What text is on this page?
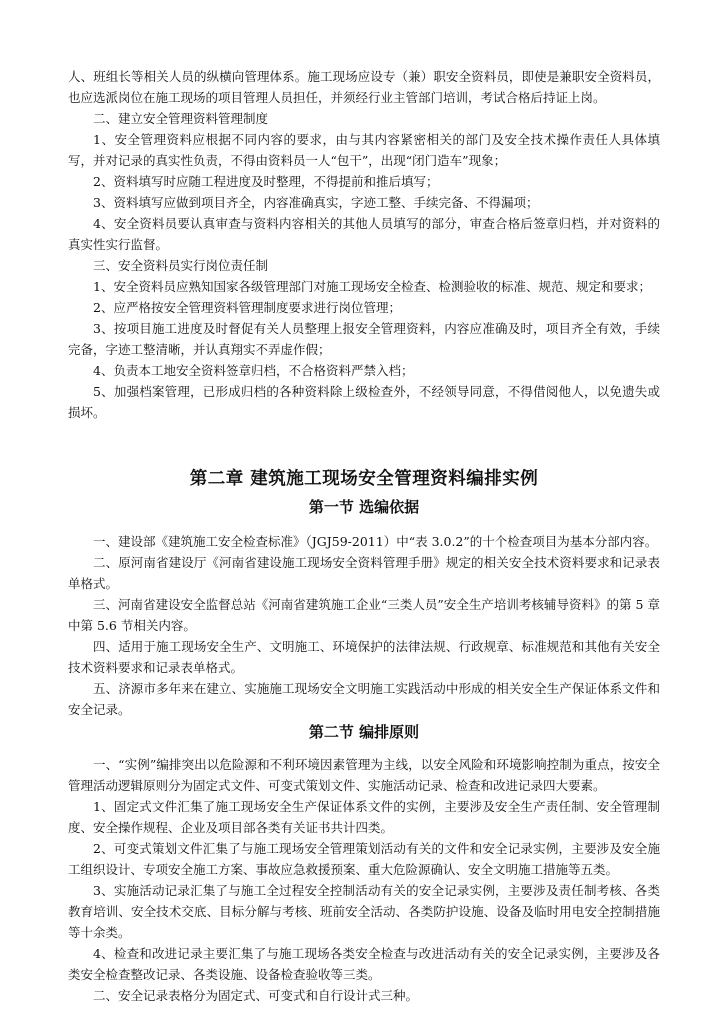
人、班组长等相关人员的纵横向管理体系。施工现场应设专（兼）职安全资料员，即使是兼职安全资料员，也应选派岗位在施工现场的项目管理人员担任，并须经行业主管部门培训，考试合格后持证上岗。

二、建立安全管理资料管理制度

1、安全管理资料应根据不同内容的要求，由与其内容紧密相关的部门及安全技术操作责任人具体填写，并对记录的真实性负责，不得由资料员一人“包干”，出现“闭门造车”现象；

2、资料填写时应随工程进度及时整理，不得提前和推后填写；

3、资料填写应做到项目齐全，内容准确真实，字迹工整、手续完备、不得漏项；

4、安全资料员要认真审查与资料内容相关的其他人员填写的部分，审查合格后签章归档，并对资料的真实性实行监督。

三、安全资料员实行岗位责任制

1、安全资料员应熟知国家各级管理部门对施工现场安全检查、检测验收的标准、规范、规定和要求；

2、应严格按安全管理资料管理制度要求进行岗位管理；

3、按项目施工进度及时督促有关人员整理上报安全管理资料，内容应准确及时，项目齐全有效，手续完备，字迹工整清晰，并认真翔实不弄虚作假；

4、负责本工地安全资料签章归档，不合格资料严禁入档；

5、加强档案管理，已形成归档的各种资料除上级检查外，不经领导同意，不得借阅他人，以免遗失或损坏。

第二章 建筑施工现场安全管理资料编排实例
第一节 选编依据

一、建设部《建筑施工安全检查标准》（JGJ59-2011）中“表 3.0.2”的十个检查项目为基本分部内容。

二、原河南省建设厅《河南省建设施工现场安全资料管理手册》规定的相关安全技术资料要求和记录表单格式。

三、河南省建设安全监督总站《河南省建筑施工企业“三类人员”安全生产培训考核辅导资料》的第 5 章中第 5.6 节相关内容。

四、适用于施工现场安全生产、文明施工、环境保护的法律法规、行政规章、标准规范和其他有关安全技术资料要求和记录表单格式。

五、济源市多年来在建立、实施施工现场安全文明施工实践活动中形成的相关安全生产保证体系文件和安全记录。

第二节 编排原则

一、“实例”编排突出以危险源和不利环境因素管理为主线，以安全风险和环境影响控制为重点，按安全管理活动逻辑原则分为固定式文件、可变式策划文件、实施活动记录、检查和改进记录四大要素。

1、固定式文件汇集了施工现场安全生产保证体系文件的实例，主要涉及安全生产责任制、安全管理制度、安全操作规程、企业及项目部各类有关证书共计四类。

2、可变式策划文件汇集了与施工现场安全管理策划活动有关的文件和安全记录实例，主要涉及安全施工组织设计、专项安全施工方案、事故应急救援预案、重大危险源确认、安全文明施工措施等五类。

3、实施活动记录汇集了与施工全过程安全控制活动有关的安全记录实例，主要涉及责任制考核、各类教育培训、安全技术交底、目标分解与考核、班前安全活动、各类防护设施、设备及临时用电安全控制措施等十余类。

4、检查和改进记录主要汇集了与施工现场各类安全检查与改进活动有关的安全记录实例，主要涉及各类安全检查整改记录、各类设施、设备检查验收等三类。

二、安全记录表格分为固定式、可变式和自行设计式三种。
